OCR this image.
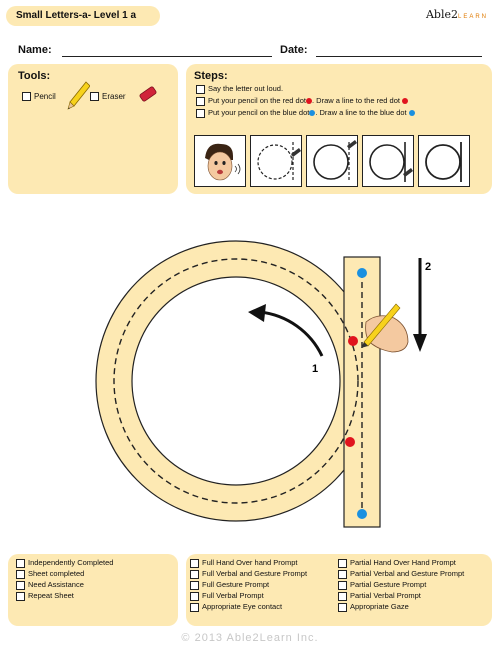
Small Letters-a- Level 1 a	Able2LEARN
Name:	Date:
Tools:
Pencil	Eraser
Steps:
Say the letter out loud.
Put your pencil on the red dot . Draw a line to the red dot
Put your pencil on the blue dot . Draw a line to the blue dot
1
2
Independently Completed
Sheet completed
Need Assistance
Repeat Sheet
Full Hand Over hand Prompt
Full Verbal and Gesture Prompt
Full Gesture Prompt
Full Verbal Prompt
Appropriate Eye contact
Partial Hand Over Hand Prompt
Partial Verbal and Gesture Prompt
Partial Gesture Prompt
Partial Verbal Prompt
Appropriate Gaze
© 2013 Able2Learn Inc.
